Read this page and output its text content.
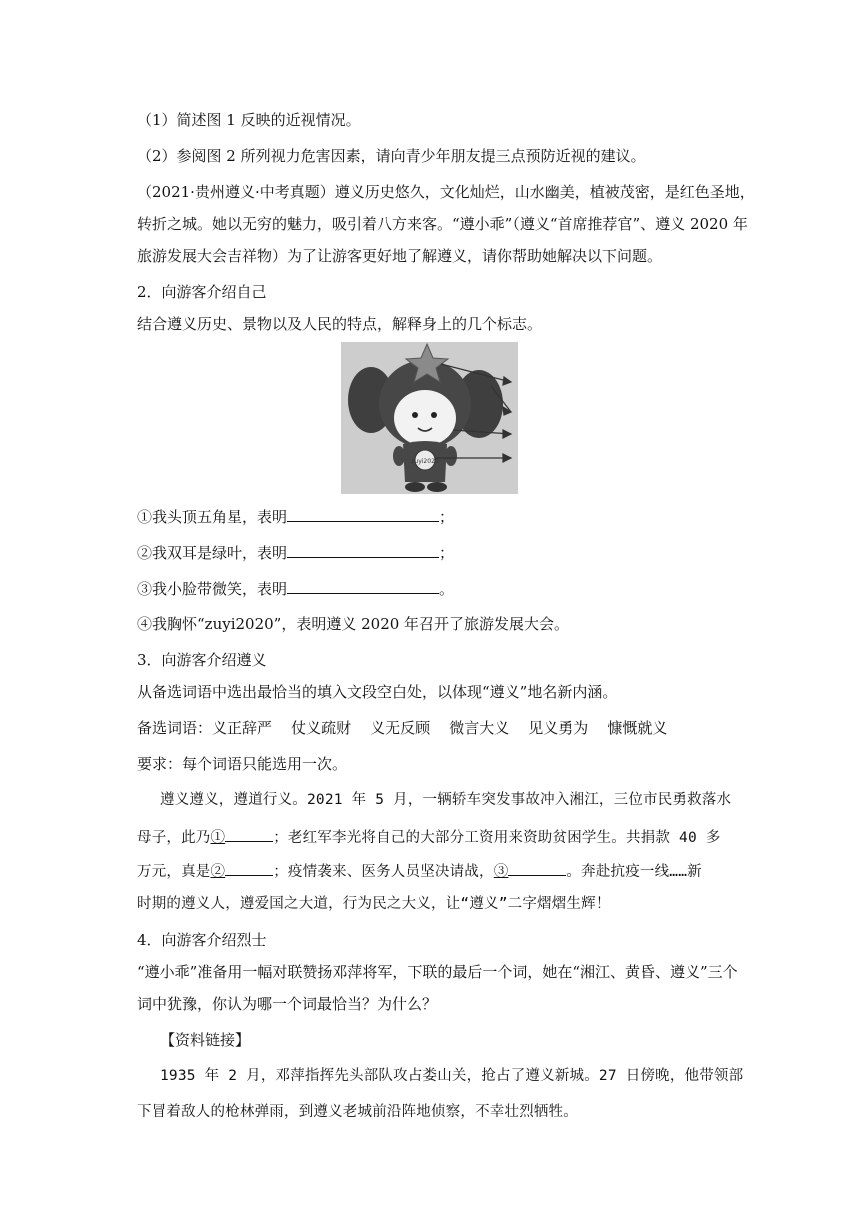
（1）简述图 1 反映的近视情况。
（2）参阅图 2 所列视力危害因素，请向青少年朋友提三点预防近视的建议。
（2021·贵州遵义·中考真题）遵义历史悠久，文化灿烂，山水幽美，植被茂密，是红色圣地，
转折之城。她以无穷的魅力，吸引着八方来客。“遵小乖”（遵义“首席推荐官”、遵义 2020 年
旅游发展大会吉祥物）为了让游客更好地了解遵义，请你帮助她解决以下问题。
2．向游客介绍自己
结合遵义历史、景物以及人民的特点，解释身上的几个标志。
zuyi2020
①我头顶五角星，表明	；
②我双耳是绿叶，表明	；
③我小脸带微笑，表明	。
④我胸怀“zuyi2020”，表明遵义 2020 年召开了旅游发展大会。
3．向游客介绍遵义
从备选词语中选出最恰当的填入文段空白处，以体现“遵义”地名新内涵。
备选词语：义正辞严    仗义疏财    义无反顾    微言大义    见义勇为    慷慨就义
要求：每个词语只能选用一次。
遵义遵义，遵道行义。2021 年 5 月，一辆轿车突发事故冲入湘江，三位市民勇救落水
母子，此乃①	；老红军李光将自己的大部分工资用来资助贫困学生。共捐款 40 多
万元，真是②	；疫情袭来、医务人员坚决请战，③	。奔赴抗疫一线……新
时期的遵义人，遵爱国之大道，行为民之大义，让“遵义”二字熠熠生辉！
4．向游客介绍烈士
“遵小乖”准备用一幅对联赞扬邓萍将军，下联的最后一个词，她在“湘江、黄昏、遵义”三个
词中犹豫，你认为哪一个词最恰当？为什么？
【资料链接】
1935 年 2 月，邓萍指挥先头部队攻占娄山关，抢占了遵义新城。27 日傍晚，他带领部
下冒着敌人的枪林弹雨，到遵义老城前沿阵地侦察，不幸壮烈牺牲。
